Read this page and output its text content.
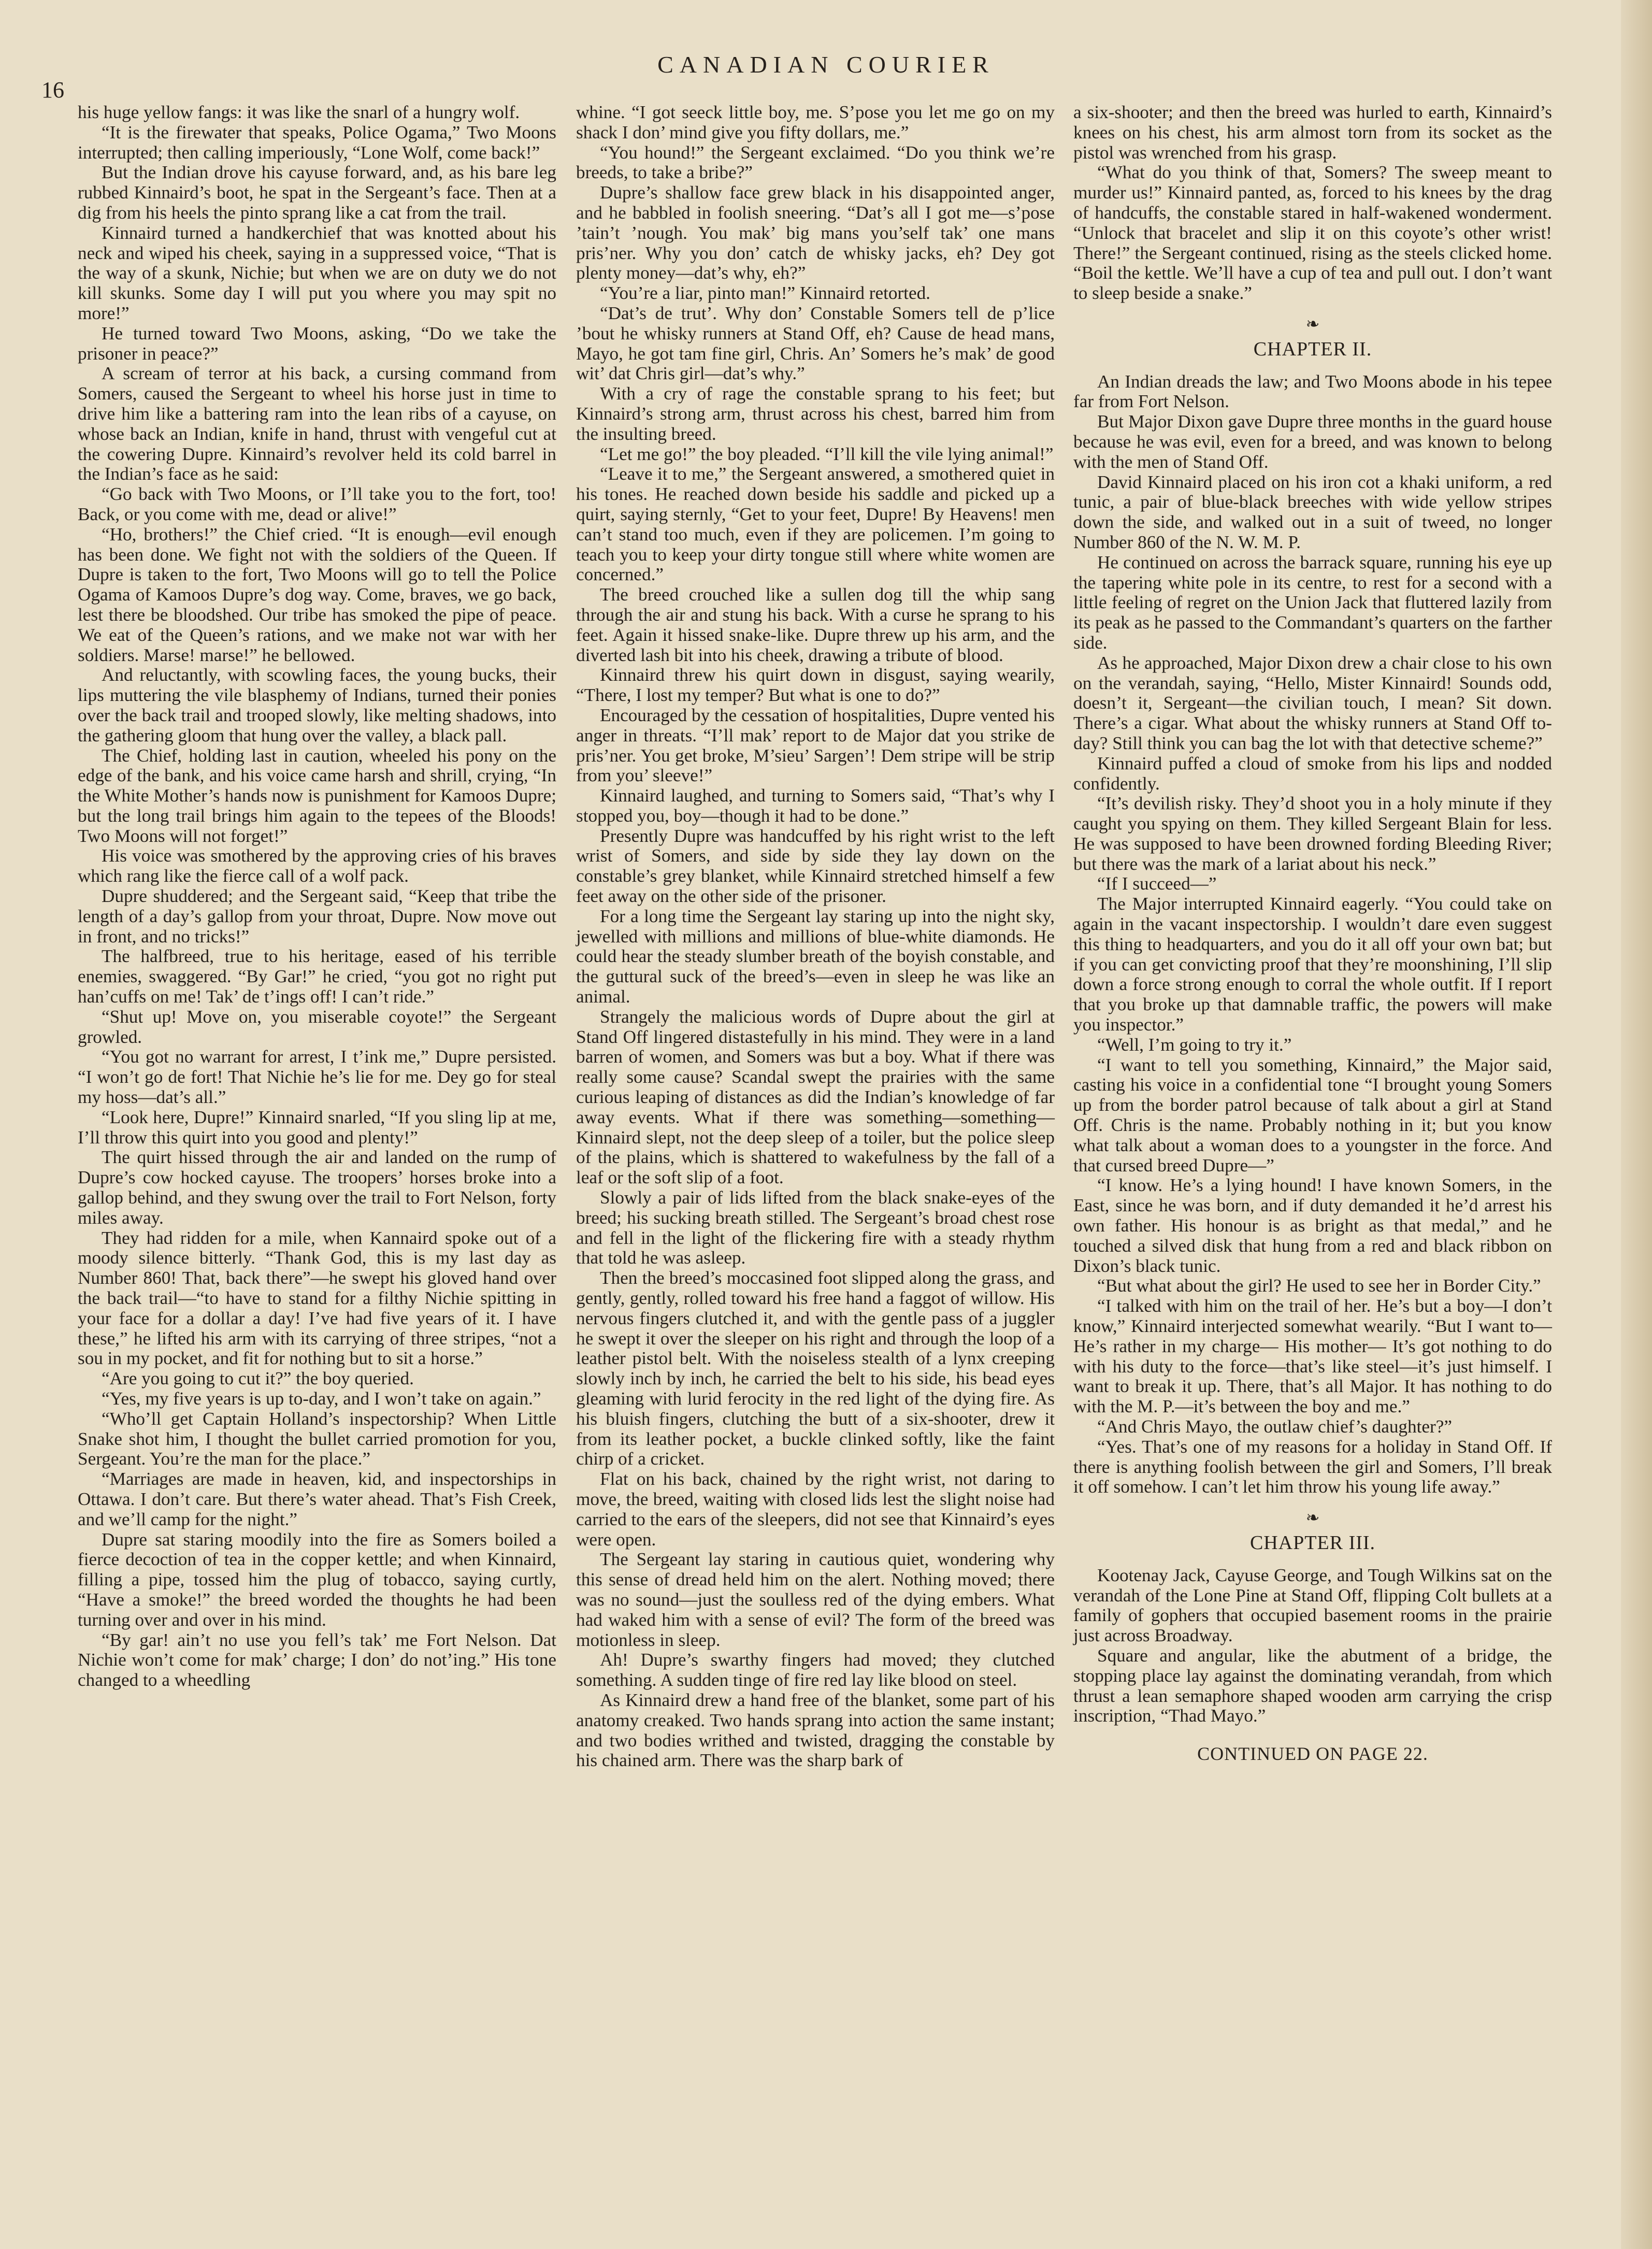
16
CANADIAN COURIER

his huge yellow fangs: it was like the snarl of a hungry wolf.

“It is the firewater that speaks, Police Ogama,” Two Moons interrupted; then calling imperiously, “Lone Wolf, come back!”

But the Indian drove his cayuse forward, and, as his bare leg rubbed Kinnaird’s boot, he spat in the Sergeant’s face. Then at a dig from his heels the pinto sprang like a cat from the trail.

Kinnaird turned a handkerchief that was knotted about his neck and wiped his cheek, saying in a suppressed voice, “That is the way of a skunk, Nichie; but when we are on duty we do not kill skunks. Some day I will put you where you may spit no more!”

He turned toward Two Moons, asking, “Do we take the prisoner in peace?”

A scream of terror at his back, a cursing command from Somers, caused the Sergeant to wheel his horse just in time to drive him like a battering ram into the lean ribs of a cayuse, on whose back an Indian, knife in hand, thrust with vengeful cut at the cowering Dupre. Kinnaird’s revolver held its cold barrel in the Indian’s face as he said:

“Go back with Two Moons, or I’ll take you to the fort, too! Back, or you come with me, dead or alive!”

“Ho, brothers!” the Chief cried. “It is enough—evil enough has been done. We fight not with the soldiers of the Queen. If Dupre is taken to the fort, Two Moons will go to tell the Police Ogama of Kamoos Dupre’s dog way. Come, braves, we go back, lest there be bloodshed. Our tribe has smoked the pipe of peace. We eat of the Queen’s rations, and we make not war with her soldiers. Marse! marse!” he bellowed.

And reluctantly, with scowling faces, the young bucks, their lips muttering the vile blasphemy of Indians, turned their ponies over the back trail and trooped slowly, like melting shadows, into the gathering gloom that hung over the valley, a black pall.

The Chief, holding last in caution, wheeled his pony on the edge of the bank, and his voice came harsh and shrill, crying, “In the White Mother’s hands now is punishment for Kamoos Dupre; but the long trail brings him again to the tepees of the Bloods! Two Moons will not forget!”

His voice was smothered by the approving cries of his braves which rang like the fierce call of a wolf pack.

Dupre shuddered; and the Sergeant said, “Keep that tribe the length of a day’s gallop from your throat, Dupre. Now move out in front, and no tricks!”

The halfbreed, true to his heritage, eased of his terrible enemies, swaggered. “By Gar!” he cried, “you got no right put han’cuffs on me! Tak’ de t’ings off! I can’t ride.”

“Shut up! Move on, you miserable coyote!” the Sergeant growled.

“You got no warrant for arrest, I t’ink me,” Dupre persisted. “I won’t go de fort! That Nichie he’s lie for me. Dey go for steal my hoss—dat’s all.”

“Look here, Dupre!” Kinnaird snarled, “If you sling lip at me, I’ll throw this quirt into you good and plenty!”

The quirt hissed through the air and landed on the rump of Dupre’s cow hocked cayuse. The troopers’ horses broke into a gallop behind, and they swung over the trail to Fort Nelson, forty miles away.

They had ridden for a mile, when Kannaird spoke out of a moody silence bitterly. “Thank God, this is my last day as Number 860! That, back there”—he swept his gloved hand over the back trail—“to have to stand for a filthy Nichie spitting in your face for a dollar a day! I’ve had five years of it. I have these,” he lifted his arm with its carrying of three stripes, “not a sou in my pocket, and fit for nothing but to sit a horse.”

“Are you going to cut it?” the boy queried.

“Yes, my five years is up to-day, and I won’t take on again.”

“Who’ll get Captain Holland’s inspectorship? When Little Snake shot him, I thought the bullet carried promotion for you, Sergeant. You’re the man for the place.”

“Marriages are made in heaven, kid, and inspectorships in Ottawa. I don’t care. But there’s water ahead. That’s Fish Creek, and we’ll camp for the night.”

Dupre sat staring moodily into the fire as Somers boiled a fierce decoction of tea in the copper kettle; and when Kinnaird, filling a pipe, tossed him the plug of tobacco, saying curtly, “Have a smoke!” the breed worded the thoughts he had been turning over and over in his mind.

“By gar! ain’t no use you fell’s tak’ me Fort Nelson. Dat Nichie won’t come for mak’ charge; I don’ do not’ing.” His tone changed to a wheedling

whine. “I got seeck little boy, me. S’pose you let me go on my shack I don’ mind give you fifty dollars, me.”

“You hound!” the Sergeant exclaimed. “Do you think we’re breeds, to take a bribe?”

Dupre’s shallow face grew black in his disappointed anger, and he babbled in foolish sneering. “Dat’s all I got me—s’pose ’tain’t ’nough. You mak’ big mans you’self tak’ one mans pris’ner. Why you don’ catch de whisky jacks, eh? Dey got plenty money—dat’s why, eh?”

“You’re a liar, pinto man!” Kinnaird retorted.

“Dat’s de trut’. Why don’ Constable Somers tell de p’lice ’bout he whisky runners at Stand Off, eh? Cause de head mans, Mayo, he got tam fine girl, Chris. An’ Somers he’s mak’ de good wit’ dat Chris girl—dat’s why.”

With a cry of rage the constable sprang to his feet; but Kinnaird’s strong arm, thrust across his chest, barred him from the insulting breed.

“Let me go!” the boy pleaded. “I’ll kill the vile lying animal!”

“Leave it to me,” the Sergeant answered, a smothered quiet in his tones. He reached down beside his saddle and picked up a quirt, saying sternly, “Get to your feet, Dupre! By Heavens! men can’t stand too much, even if they are policemen. I’m going to teach you to keep your dirty tongue still where white women are concerned.”

The breed crouched like a sullen dog till the whip sang through the air and stung his back. With a curse he sprang to his feet. Again it hissed snake-like. Dupre threw up his arm, and the diverted lash bit into his cheek, drawing a tribute of blood.

Kinnaird threw his quirt down in disgust, saying wearily, “There, I lost my temper? But what is one to do?”

Encouraged by the cessation of hospitalities, Dupre vented his anger in threats. “I’ll mak’ report to de Major dat you strike de pris’ner. You get broke, M’sieu’ Sargen’! Dem stripe will be strip from you’ sleeve!”

Kinnaird laughed, and turning to Somers said, “That’s why I stopped you, boy—though it had to be done.”

Presently Dupre was handcuffed by his right wrist to the left wrist of Somers, and side by side they lay down on the constable’s grey blanket, while Kinnaird stretched himself a few feet away on the other side of the prisoner.

For a long time the Sergeant lay staring up into the night sky, jewelled with millions and millions of blue-white diamonds. He could hear the steady slumber breath of the boyish constable, and the guttural suck of the breed’s—even in sleep he was like an animal.

Strangely the malicious words of Dupre about the girl at Stand Off lingered distastefully in his mind. They were in a land barren of women, and Somers was but a boy. What if there was really some cause? Scandal swept the prairies with the same curious leaping of distances as did the Indian’s knowledge of far away events. What if there was something—something—Kinnaird slept, not the deep sleep of a toiler, but the police sleep of the plains, which is shattered to wakefulness by the fall of a leaf or the soft slip of a foot.

Slowly a pair of lids lifted from the black snake-eyes of the breed; his sucking breath stilled. The Sergeant’s broad chest rose and fell in the light of the flickering fire with a steady rhythm that told he was asleep.

Then the breed’s moccasined foot slipped along the grass, and gently, gently, rolled toward his free hand a faggot of willow. His nervous fingers clutched it, and with the gentle pass of a juggler he swept it over the sleeper on his right and through the loop of a leather pistol belt. With the noiseless stealth of a lynx creeping slowly inch by inch, he carried the belt to his side, his bead eyes gleaming with lurid ferocity in the red light of the dying fire. As his bluish fingers, clutching the butt of a six-shooter, drew it from its leather pocket, a buckle clinked softly, like the faint chirp of a cricket.

Flat on his back, chained by the right wrist, not daring to move, the breed, waiting with closed lids lest the slight noise had carried to the ears of the sleepers, did not see that Kinnaird’s eyes were open.

The Sergeant lay staring in cautious quiet, wondering why this sense of dread held him on the alert. Nothing moved; there was no sound—just the soulless red of the dying embers. What had waked him with a sense of evil? The form of the breed was motionless in sleep.

Ah! Dupre’s swarthy fingers had moved; they clutched something. A sudden tinge of fire red lay like blood on steel.

As Kinnaird drew a hand free of the blanket, some part of his anatomy creaked. Two hands sprang into action the same instant; and two bodies writhed and twisted, dragging the constable by his chained arm. There was the sharp bark of

a six-shooter; and then the breed was hurled to earth, Kinnaird’s knees on his chest, his arm almost torn from its socket as the pistol was wrenched from his grasp.

“What do you think of that, Somers? The sweep meant to murder us!” Kinnaird panted, as, forced to his knees by the drag of handcuffs, the constable stared in half-wakened wonderment. “Unlock that bracelet and slip it on this coyote’s other wrist! There!” the Sergeant continued, rising as the steels clicked home. “Boil the kettle. We’ll have a cup of tea and pull out. I don’t want to sleep beside a snake.”

❧
CHAPTER II.

An Indian dreads the law; and Two Moons abode in his tepee far from Fort Nelson.

But Major Dixon gave Dupre three months in the guard house because he was evil, even for a breed, and was known to belong with the men of Stand Off.

David Kinnaird placed on his iron cot a khaki uniform, a red tunic, a pair of blue-black breeches with wide yellow stripes down the side, and walked out in a suit of tweed, no longer Number 860 of the N. W. M. P.

He continued on across the barrack square, running his eye up the tapering white pole in its centre, to rest for a second with a little feeling of regret on the Union Jack that fluttered lazily from its peak as he passed to the Commandant’s quarters on the farther side.

As he approached, Major Dixon drew a chair close to his own on the verandah, saying, “Hello, Mister Kinnaird! Sounds odd, doesn’t it, Sergeant—the civilian touch, I mean? Sit down. There’s a cigar. What about the whisky runners at Stand Off to-day? Still think you can bag the lot with that detective scheme?”

Kinnaird puffed a cloud of smoke from his lips and nodded confidently.

“It’s devilish risky. They’d shoot you in a holy minute if they caught you spying on them. They killed Sergeant Blain for less. He was supposed to have been drowned fording Bleeding River; but there was the mark of a lariat about his neck.”

“If I succeed—”

The Major interrupted Kinnaird eagerly. “You could take on again in the vacant inspectorship. I wouldn’t dare even suggest this thing to headquarters, and you do it all off your own bat; but if you can get convicting proof that they’re moonshining, I’ll slip down a force strong enough to corral the whole outfit. If I report that you broke up that damnable traffic, the powers will make you inspector.”

“Well, I’m going to try it.”

“I want to tell you something, Kinnaird,” the Major said, casting his voice in a confidential tone “I brought young Somers up from the border patrol because of talk about a girl at Stand Off. Chris is the name. Probably nothing in it; but you know what talk about a woman does to a youngster in the force. And that cursed breed Dupre—”

“I know. He’s a lying hound! I have known Somers, in the East, since he was born, and if duty demanded it he’d arrest his own father. His honour is as bright as that medal,” and he touched a silved disk that hung from a red and black ribbon on Dixon’s black tunic.

“But what about the girl? He used to see her in Border City.”

“I talked with him on the trail of her. He’s but a boy—I don’t know,” Kinnaird interjected somewhat wearily. “But I want to— He’s rather in my charge— His mother— It’s got nothing to do with his duty to the force—that’s like steel—it’s just himself. I want to break it up. There, that’s all Major. It has nothing to do with the M. P.—it’s between the boy and me.”

“And Chris Mayo, the outlaw chief’s daughter?”

“Yes. That’s one of my reasons for a holiday in Stand Off. If there is anything foolish between the girl and Somers, I’ll break it off somehow. I can’t let him throw his young life away.”

❧
CHAPTER III.

Kootenay Jack, Cayuse George, and Tough Wilkins sat on the verandah of the Lone Pine at Stand Off, flipping Colt bullets at a family of gophers that occupied basement rooms in the prairie just across Broadway.

Square and angular, like the abutment of a bridge, the stopping place lay against the dominating verandah, from which thrust a lean semaphore shaped wooden arm carrying the crisp inscription, “Thad Mayo.”

CONTINUED ON PAGE 22.
